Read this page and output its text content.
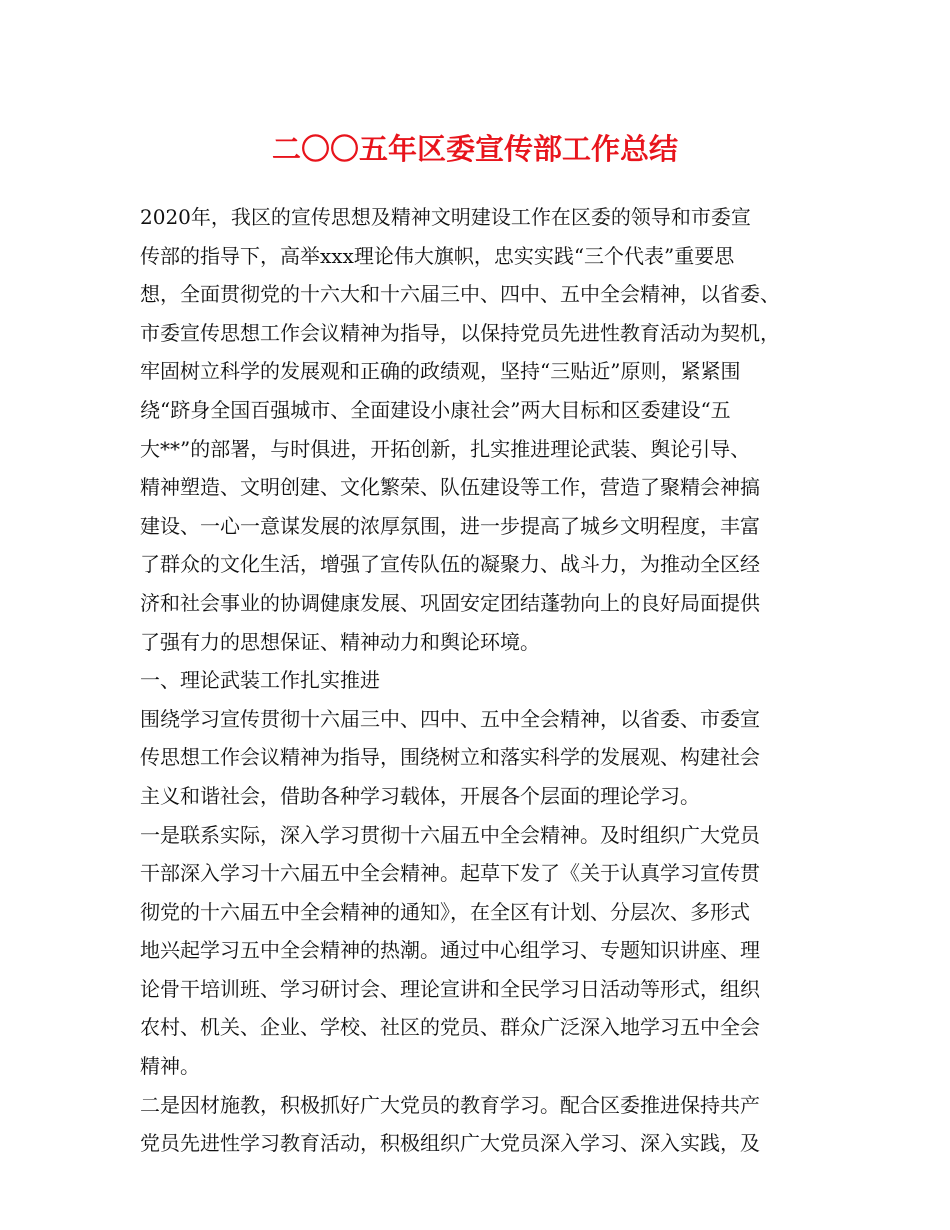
二〇〇五年区委宣传部工作总结
2020年，我区的宣传思想及精神文明建设工作在区委的领导和市委宣
传部的指导下，高举xxx理论伟大旗帜，忠实实践“三个代表”重要思
想，全面贯彻党的十六大和十六届三中、四中、五中全会精神，以省委、
市委宣传思想工作会议精神为指导，以保持党员先进性教育活动为契机，
牢固树立科学的发展观和正确的政绩观，坚持“三贴近”原则，紧紧围
绕“跻身全国百强城市、全面建设小康社会”两大目标和区委建设“五
大**”的部署，与时俱进，开拓创新，扎实推进理论武装、舆论引导、
精神塑造、文明创建、文化繁荣、队伍建设等工作，营造了聚精会神搞
建设、一心一意谋发展的浓厚氛围，进一步提高了城乡文明程度，丰富
了群众的文化生活，增强了宣传队伍的凝聚力、战斗力，为推动全区经
济和社会事业的协调健康发展、巩固安定团结蓬勃向上的良好局面提供
了强有力的思想保证、精神动力和舆论环境。
一、理论武装工作扎实推进
围绕学习宣传贯彻十六届三中、四中、五中全会精神，以省委、市委宣
传思想工作会议精神为指导，围绕树立和落实科学的发展观、构建社会
主义和谐社会，借助各种学习载体，开展各个层面的理论学习。
一是联系实际，深入学习贯彻十六届五中全会精神。及时组织广大党员
干部深入学习十六届五中全会精神。起草下发了《关于认真学习宣传贯
彻党的十六届五中全会精神的通知》，在全区有计划、分层次、多形式
地兴起学习五中全会精神的热潮。通过中心组学习、专题知识讲座、理
论骨干培训班、学习研讨会、理论宣讲和全民学习日活动等形式，组织
农村、机关、企业、学校、社区的党员、群众广泛深入地学习五中全会
精神。
二是因材施教，积极抓好广大党员的教育学习。配合区委推进保持共产
党员先进性学习教育活动，积极组织广大党员深入学习、深入实践，及
